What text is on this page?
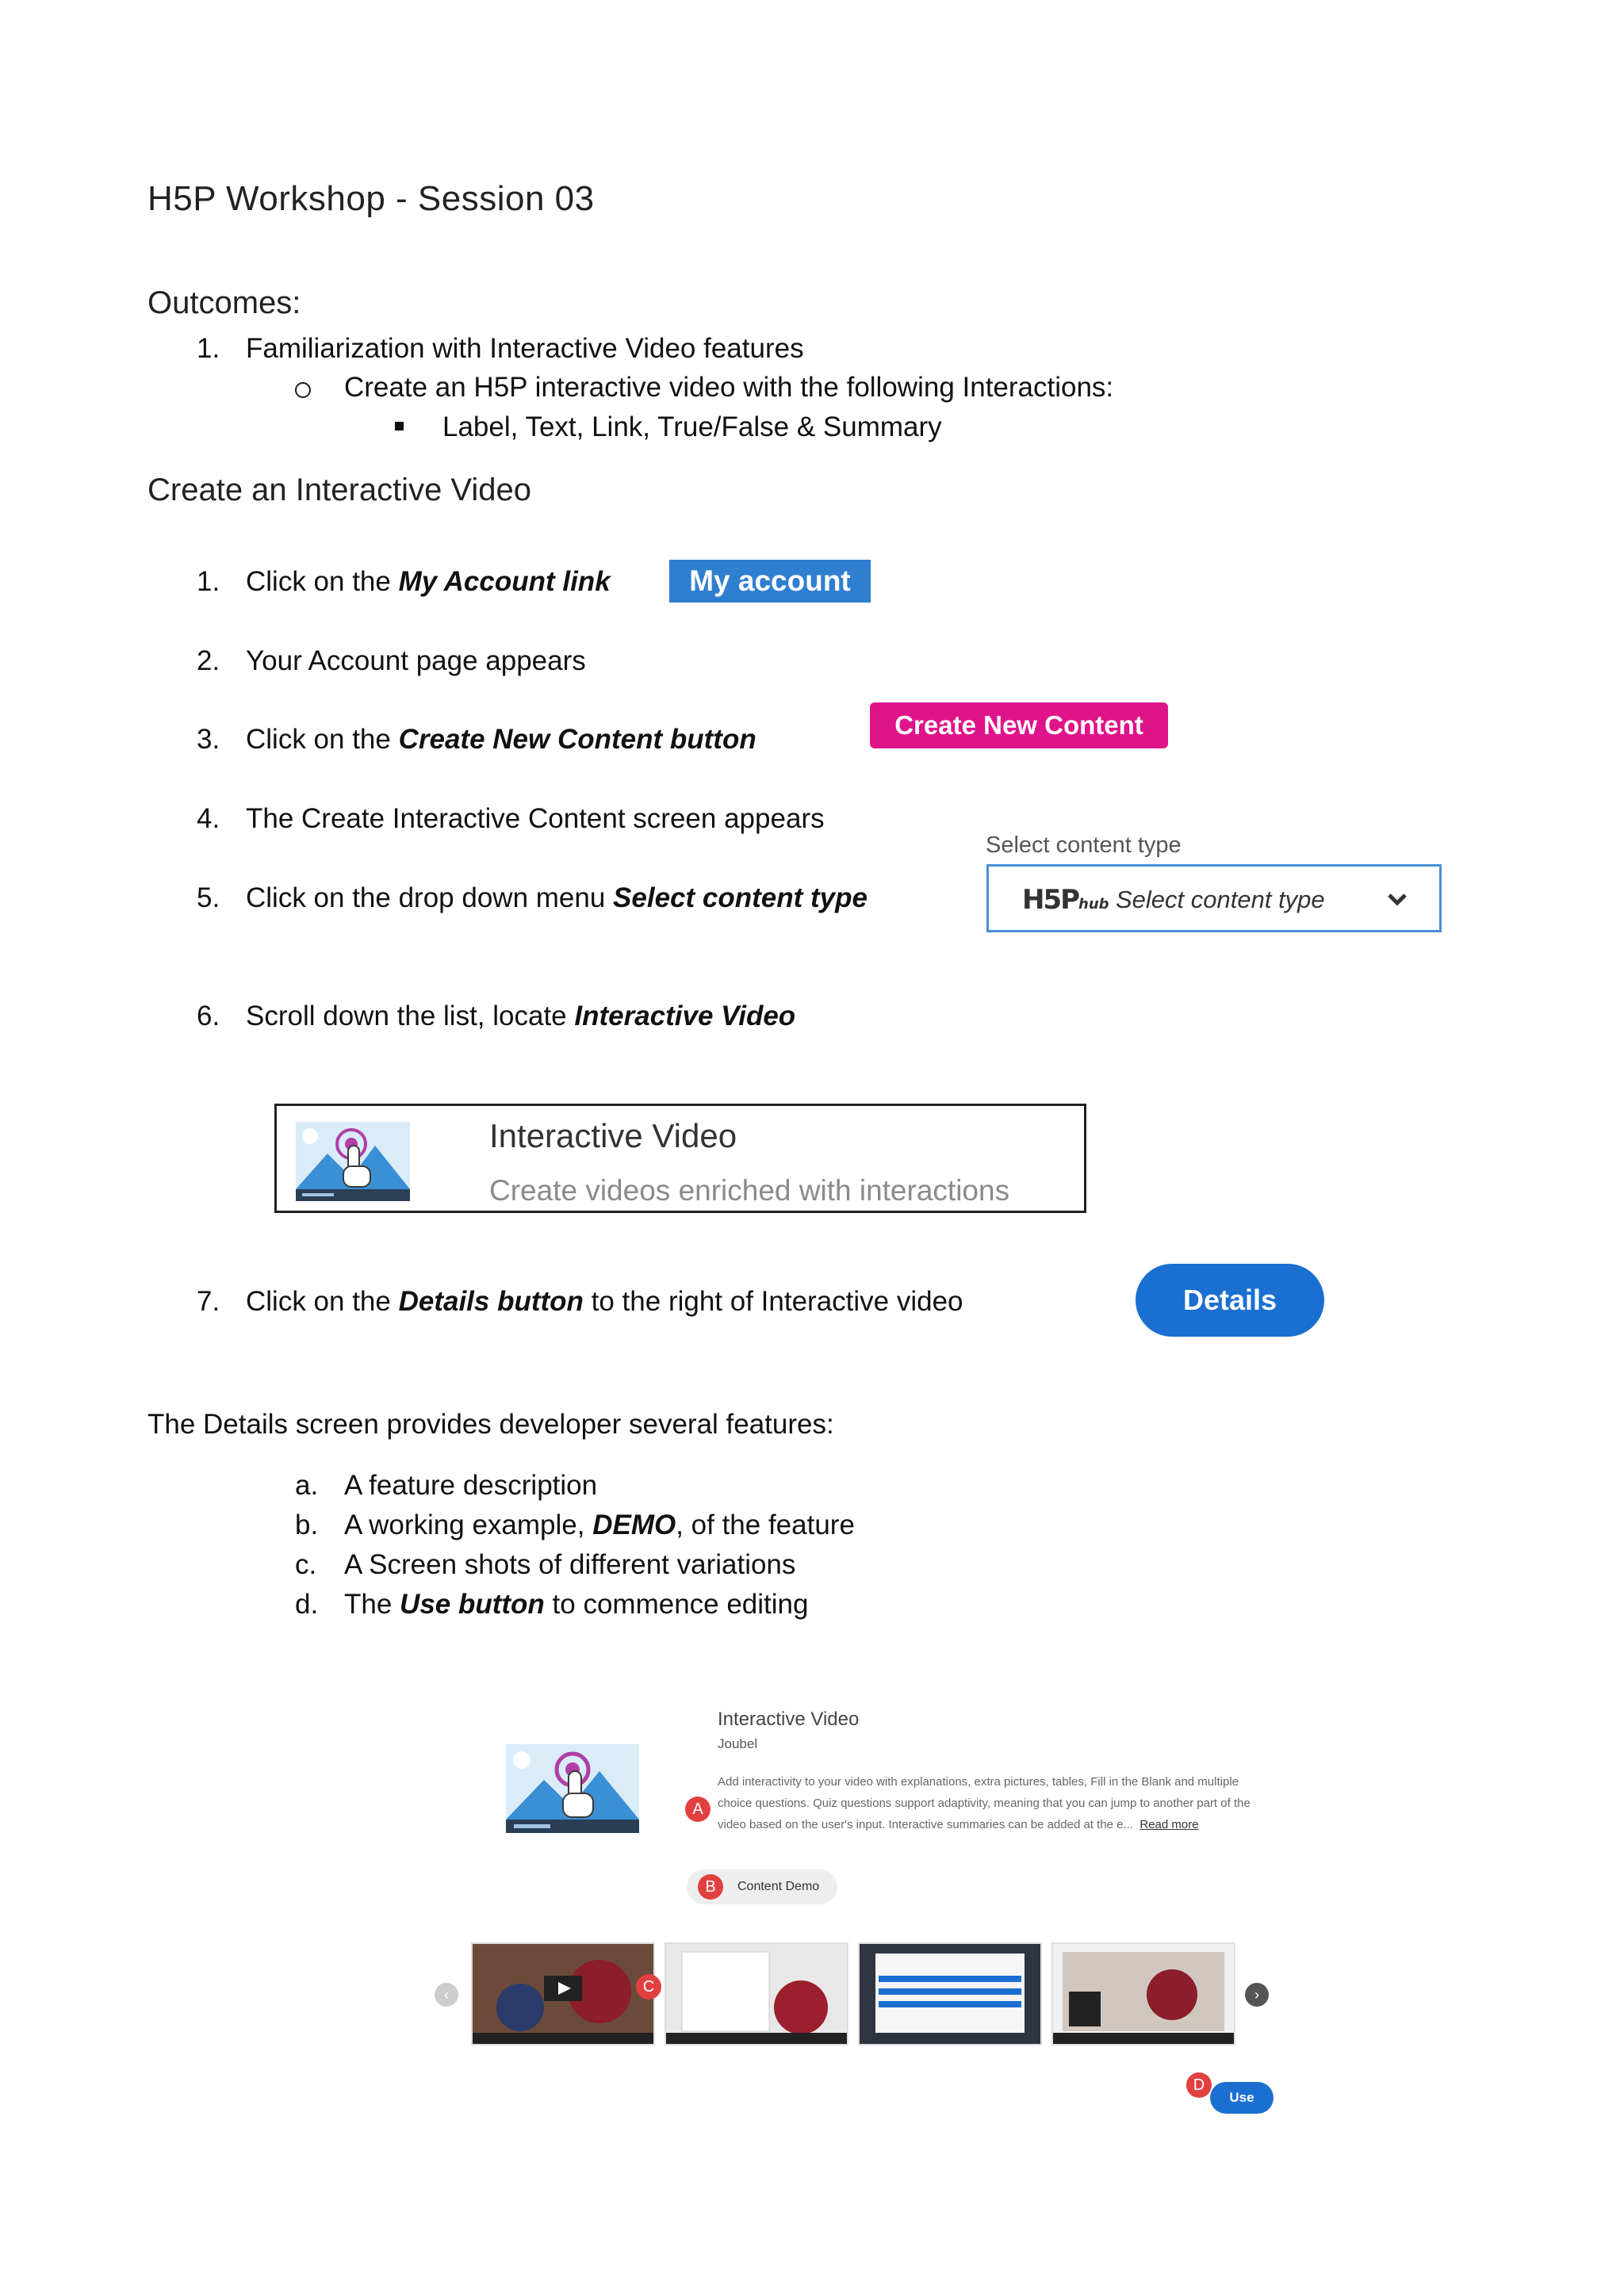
H5P Workshop - Session 03
Outcomes:
1. Familiarization with Interactive Video features
Create an H5P interactive video with the following Interactions:
Label, Text, Link, True/False & Summary
Create an Interactive Video
1. Click on the My Account link	My account
2. Your Account page appears
3. Click on the Create New Content button	Create New Content
4. The Create Interactive Content screen appears
Select content type
H5Phub Select content type
5. Click on the drop down menu Select content type
6. Scroll down the list, locate Interactive Video
Interactive Video
Create videos enriched with interactions
7. Click on the Details button to the right of Interactive video	Details
The Details screen provides developer several features:
a. A feature description
b. A working example, DEMO, of the feature
c. A Screen shots of different variations
d. The Use button to commence editing
Interactive Video
Joubel
Add interactivity to your video with explanations, extra pictures, tables, Fill in the Blank and multiple choice questions. Quiz questions support adaptivity, meaning that you can jump to another part of the video based on the user's input. Interactive summaries can be added at the e... Read more
A
Content Demo
B
‹	C	›
D
Use
